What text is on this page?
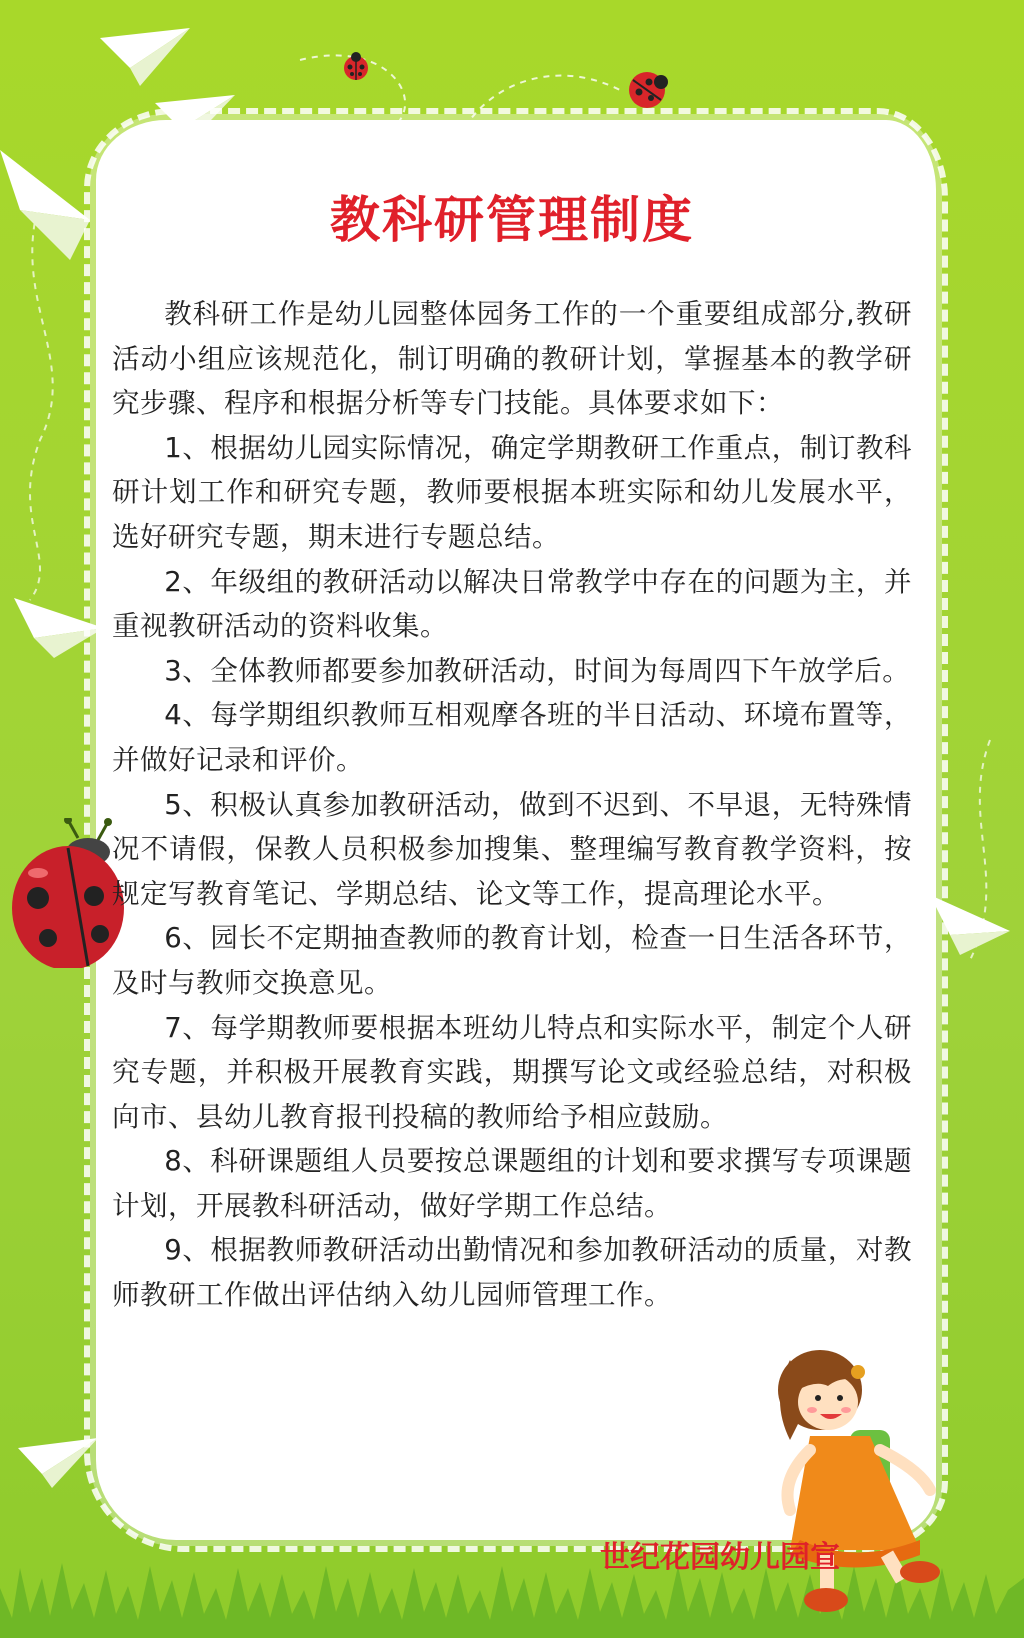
教科研管理制度

教科研工作是幼儿园整体园务工作的一个重要组成部分,教研活动小组应该规范化，制订明确的教研计划，掌握基本的教学研究步骤、程序和根据分析等专门技能。具体要求如下：

1、根据幼儿园实际情况，确定学期教研工作重点，制订教科研计划工作和研究专题，教师要根据本班实际和幼儿发展水平，选好研究专题，期末进行专题总结。

2、年级组的教研活动以解决日常教学中存在的问题为主，并重视教研活动的资料收集。

3、全体教师都要参加教研活动，时间为每周四下午放学后。

4、每学期组织教师互相观摩各班的半日活动、环境布置等，并做好记录和评价。

5、积极认真参加教研活动，做到不迟到、不早退，无特殊情况不请假，保教人员积极参加搜集、整理编写教育教学资料，按规定写教育笔记、学期总结、论文等工作，提高理论水平。

6、园长不定期抽查教师的教育计划，检查一日生活各环节，及时与教师交换意见。

7、每学期教师要根据本班幼儿特点和实际水平，制定个人研究专题，并积极开展教育实践，期撰写论文或经验总结，对积极向市、县幼儿教育报刊投稿的教师给予相应鼓励。

8、科研课题组人员要按总课题组的计划和要求撰写专项课题计划，开展教科研活动，做好学期工作总结。

9、根据教师教研活动出勤情况和参加教研活动的质量，对教师教研工作做出评估纳入幼儿园师管理工作。

世纪花园幼儿园宣
